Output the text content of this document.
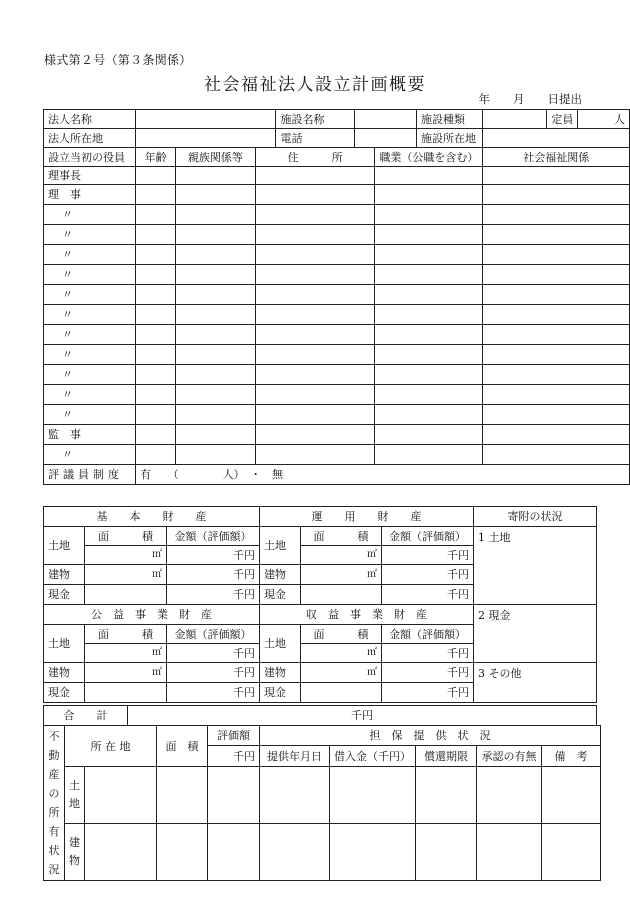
様式第２号（第３条関係）
社会福祉法人設立計画概要
年　　月　　日提出
法人名称				施設名称			施設種類		定員	人
法人所在地				電話			施設所在地			
設立当初の役員	年齢	親族関係等	住　　　所			職業（公職を含む）		社会福祉関係		
理事長										
理　事										
〃										
〃										
〃										
〃										
〃										
〃										
〃										
〃										
〃										
〃										
〃										
監　事										
〃										
評議員制度	有　　（　　　　人）　・　無									
基　　本　　財　　産			運　　用　　財　　産			寄附の状況
土地	面　　　積	金額（評価額）	土地	面　　　積	金額（評価額）	1 土地
	㎡	千円		㎡	千円	
建物	㎡	千円	建物	㎡	千円	
現金		千円	現金		千円	
公　益　事　業　財　産			収　益　事　業　財　産			2 現金
土地	面　　　積	金額（評価額）	土地	面　　　積	金額（評価額）	
	㎡	千円		㎡	千円	
建物	㎡	千円	建物	㎡	千円	3 その他
現金		千円	現金		千円	
合　　計	千円
不動産の所有状況	所 在 地		面　積	評価額	担　保　提　供　状　況				
				千円	提供年月日	借入金（千円）	償還期限	承認の有無	備　考

	土地								

	建物								
